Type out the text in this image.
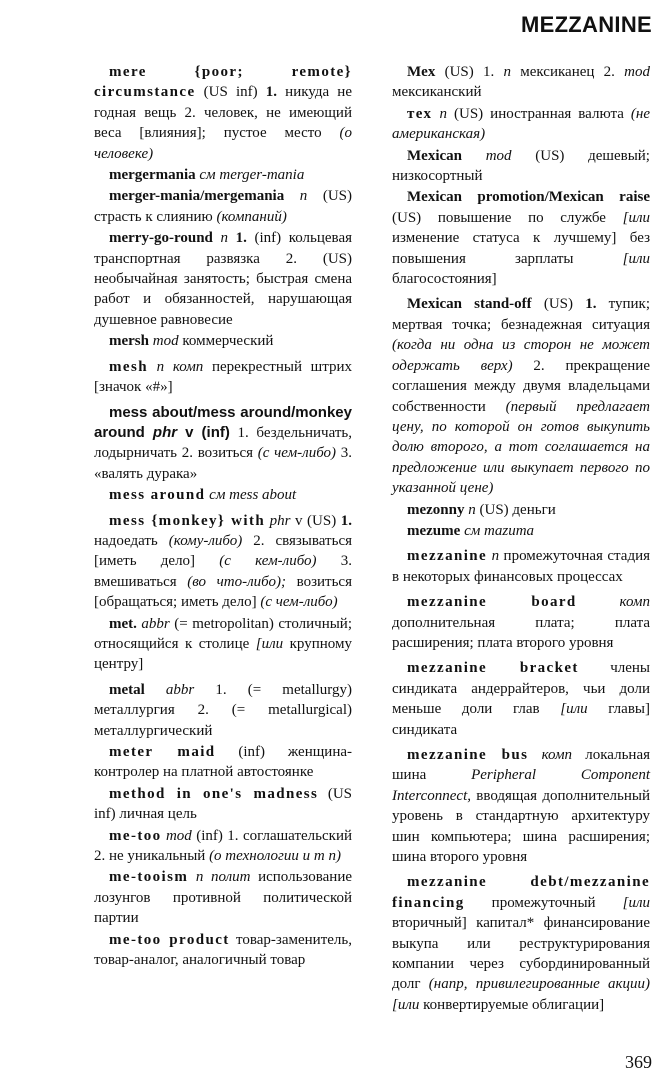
MEZZANINE

mere {poor; remote} circumstance (US inf) 1. никуда не годная вещь 2. человек, не имеющий веса [влияния]; пустое место (о человеке)

mergermania см merger-mania

merger-mania/mergemania n (US) страсть к слиянию (компаний)

merry-go-round n 1. (inf) кольцевая транспортная развязка 2. (US) необычайная занятость; быстрая смена работ и обязанностей, нарушающая душевное равновесие

mersh mod коммерческий

mesh n комп перекрестный штрих [значок «#»]

mess about/mess around/monkey around phr v (inf) 1. бездельничать, лодырничать 2. возиться (с чем-либо) 3. «валять дурака»

mess around см mess about

mess {monkey} with phr v (US) 1. надоедать (кому-либо) 2. связываться [иметь дело] (с кем-либо) 3. вмешиваться (во что-либо); возиться [обращаться; иметь дело] (с чем-либо)

met. abbr (= metropolitan) столичный; относящийся к столице [или крупному центру]

metal abbr 1. (= metallurgy) металлургия 2. (= metallurgical) металлургический

meter maid (inf) женщина-контролер на платной автостоянке

method in one's madness (US inf) личная цель

me-too mod (inf) 1. соглашательский 2. не уникальный (о технологии и т п)

me-tooism n полит использование лозунгов противной политической партии

me-too product товар-заменитель, товар-аналог, аналогичный товар

Mex (US) 1. n мексиканец 2. mod мексиканский

тех n (US) иностранная валюта (не американская)

Mexican mod (US) дешевый; низкосортный

Mexican promotion/Mexican raise (US) повышение по службе [или изменение статуса к лучшему] без повышения зарплаты [или благосостояния]

Mexican stand-off (US) 1. тупик; мертвая точка; безнадежная ситуация (когда ни одна из сторон не может одержать верх) 2. прекращение соглашения между двумя владельцами собственности (первый предлагает цену, по которой он готов выкупить долю второго, а тот соглашается на предложение или выкупает первого по указанной цене)

mezonny n (US) деньги

mezume см mazuma

mezzanine n промежуточная стадия в некоторых финансовых процессах

mezzanine board комп дополнительная плата; плата расширения; плата второго уровня

mezzanine bracket члены синдиката андеррайтеров, чьи доли меньше доли глав [или главы] синдиката

mezzanine bus комп локальная шина Peripheral Component Interconnect, вводящая дополнительный уровень в стандартную архитектуру шин компьютера; шина расширения; шина второго уровня

mezzanine debt/mezzanine financing промежуточный [или вторичный] капитал* финансирование выкупа или реструктурирования компании через субординированный долг (напр, привилегированные акции) [или конвертируемые облигации]

369
